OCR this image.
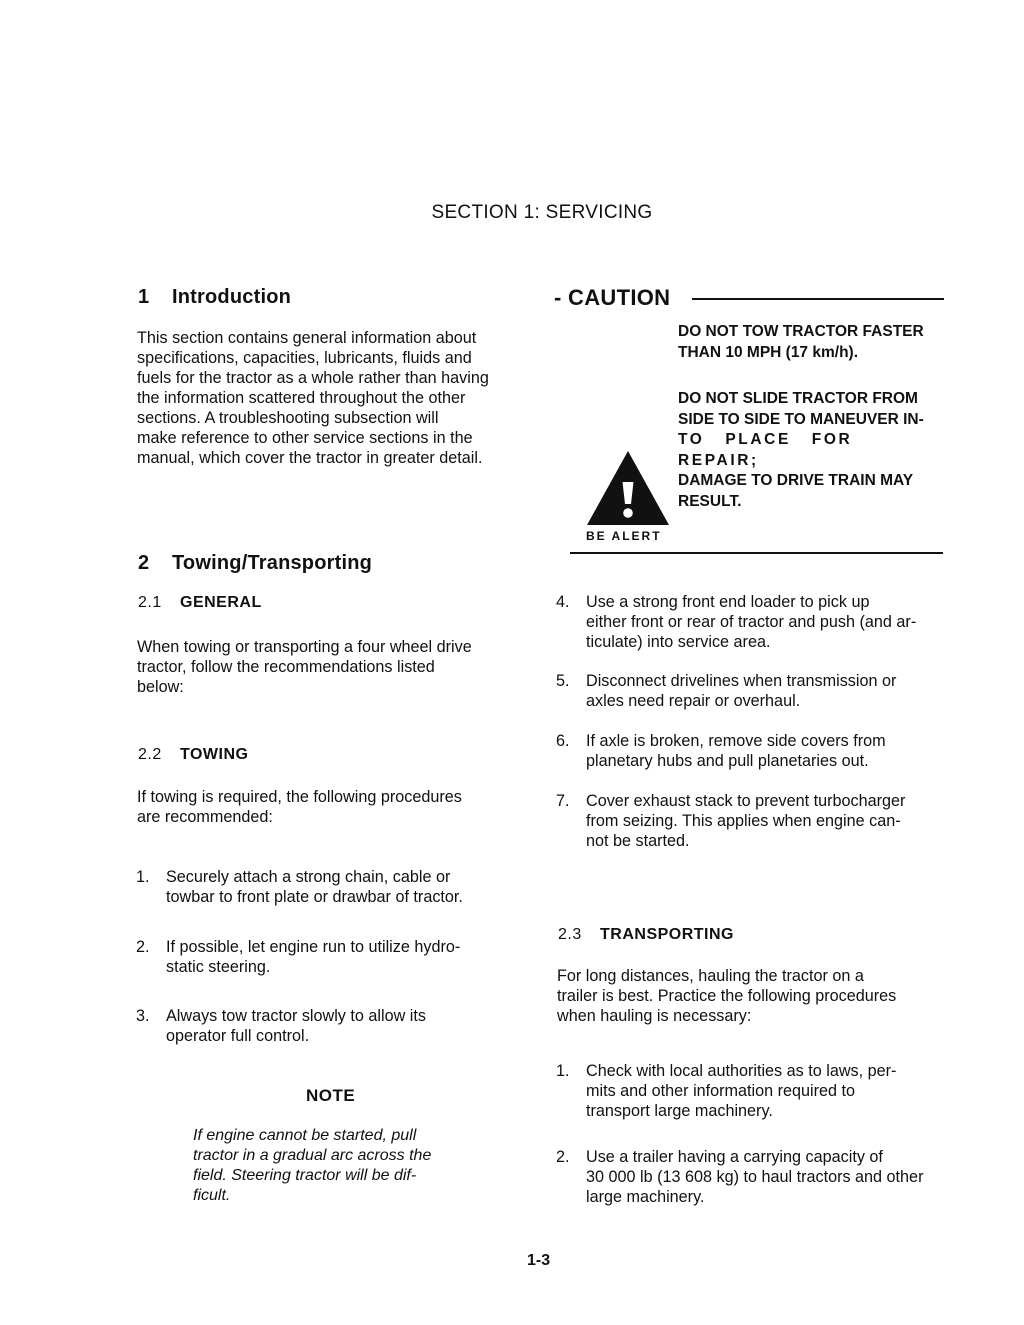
SECTION 1: SERVICING
1 Introduction
This section contains general information about
specifications, capacities, lubricants, fluids and
fuels for the tractor as a whole rather than having
the information scattered throughout the other
sections. A troubleshooting subsection will
make reference to other service sections in the
manual, which cover the tractor in greater detail.
2 Towing/Transporting
2.1 GENERAL
When towing or transporting a four wheel drive
tractor, follow the recommendations listed
below:
2.2 TOWING
If towing is required, the following procedures
are recommended:
1. Securely attach a strong chain, cable or
towbar to front plate or drawbar of tractor.
2. If possible, let engine run to utilize hydro-
static steering.
3. Always tow tractor slowly to allow its
operator full control.
NOTE
If engine cannot be started, pull
tractor in a gradual arc across the
field. Steering tractor will be dif-
ficult.
- CAUTION
DO NOT TOW TRACTOR FASTER
THAN 10 MPH (17 km/h).
DO NOT SLIDE TRACTOR FROM
SIDE TO SIDE TO MANEUVER IN-
TO PLACE FOR REPAIR;
DAMAGE TO DRIVE TRAIN MAY
RESULT.
BE ALERT
4. Use a strong front end loader to pick up
either front or rear of tractor and push (and ar-
ticulate) into service area.
5. Disconnect drivelines when transmission or
axles need repair or overhaul.
6. If axle is broken, remove side covers from
planetary hubs and pull planetaries out.
7. Cover exhaust stack to prevent turbocharger
from seizing. This applies when engine can-
not be started.
2.3 TRANSPORTING
For long distances, hauling the tractor on a
trailer is best. Practice the following procedures
when hauling is necessary:
1. Check with local authorities as to laws, per-
mits and other information required to
transport large machinery.
2. Use a trailer having a carrying capacity of
30 000 lb (13 608 kg) to haul tractors and other
large machinery.
1-3
